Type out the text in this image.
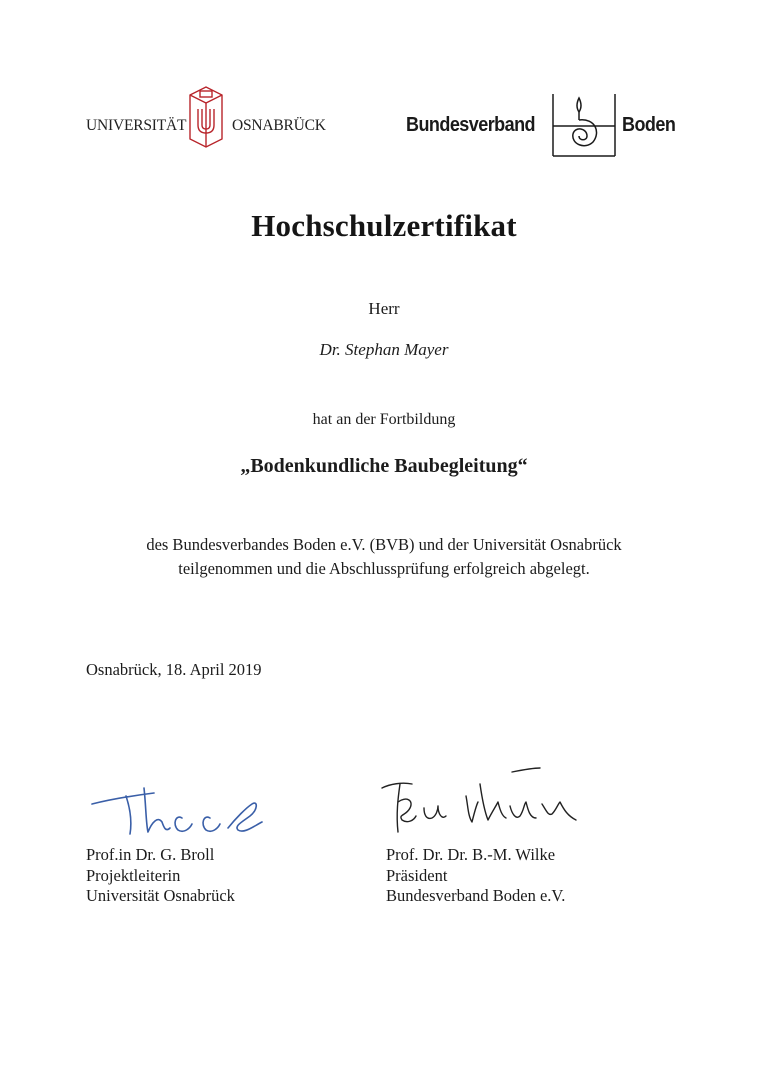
UNIVERSITÄT	OSNABRÜCK	Bundesverband	Boden
Hochschulzertifikat
Herr
Dr. Stephan Mayer
hat an der Fortbildung
„Bodenkundliche Baubegleitung“
des Bundesverbandes Boden e.V. (BVB) und der Universität Osnabrück
teilgenommen und die Abschlussprüfung erfolgreich abgelegt.
Osnabrück, 18. April 2019
Prof.in Dr. G. Broll
Projektleiterin
Universität Osnabrück
Prof. Dr. Dr. B.-M. Wilke
Präsident
Bundesverband Boden e.V.
